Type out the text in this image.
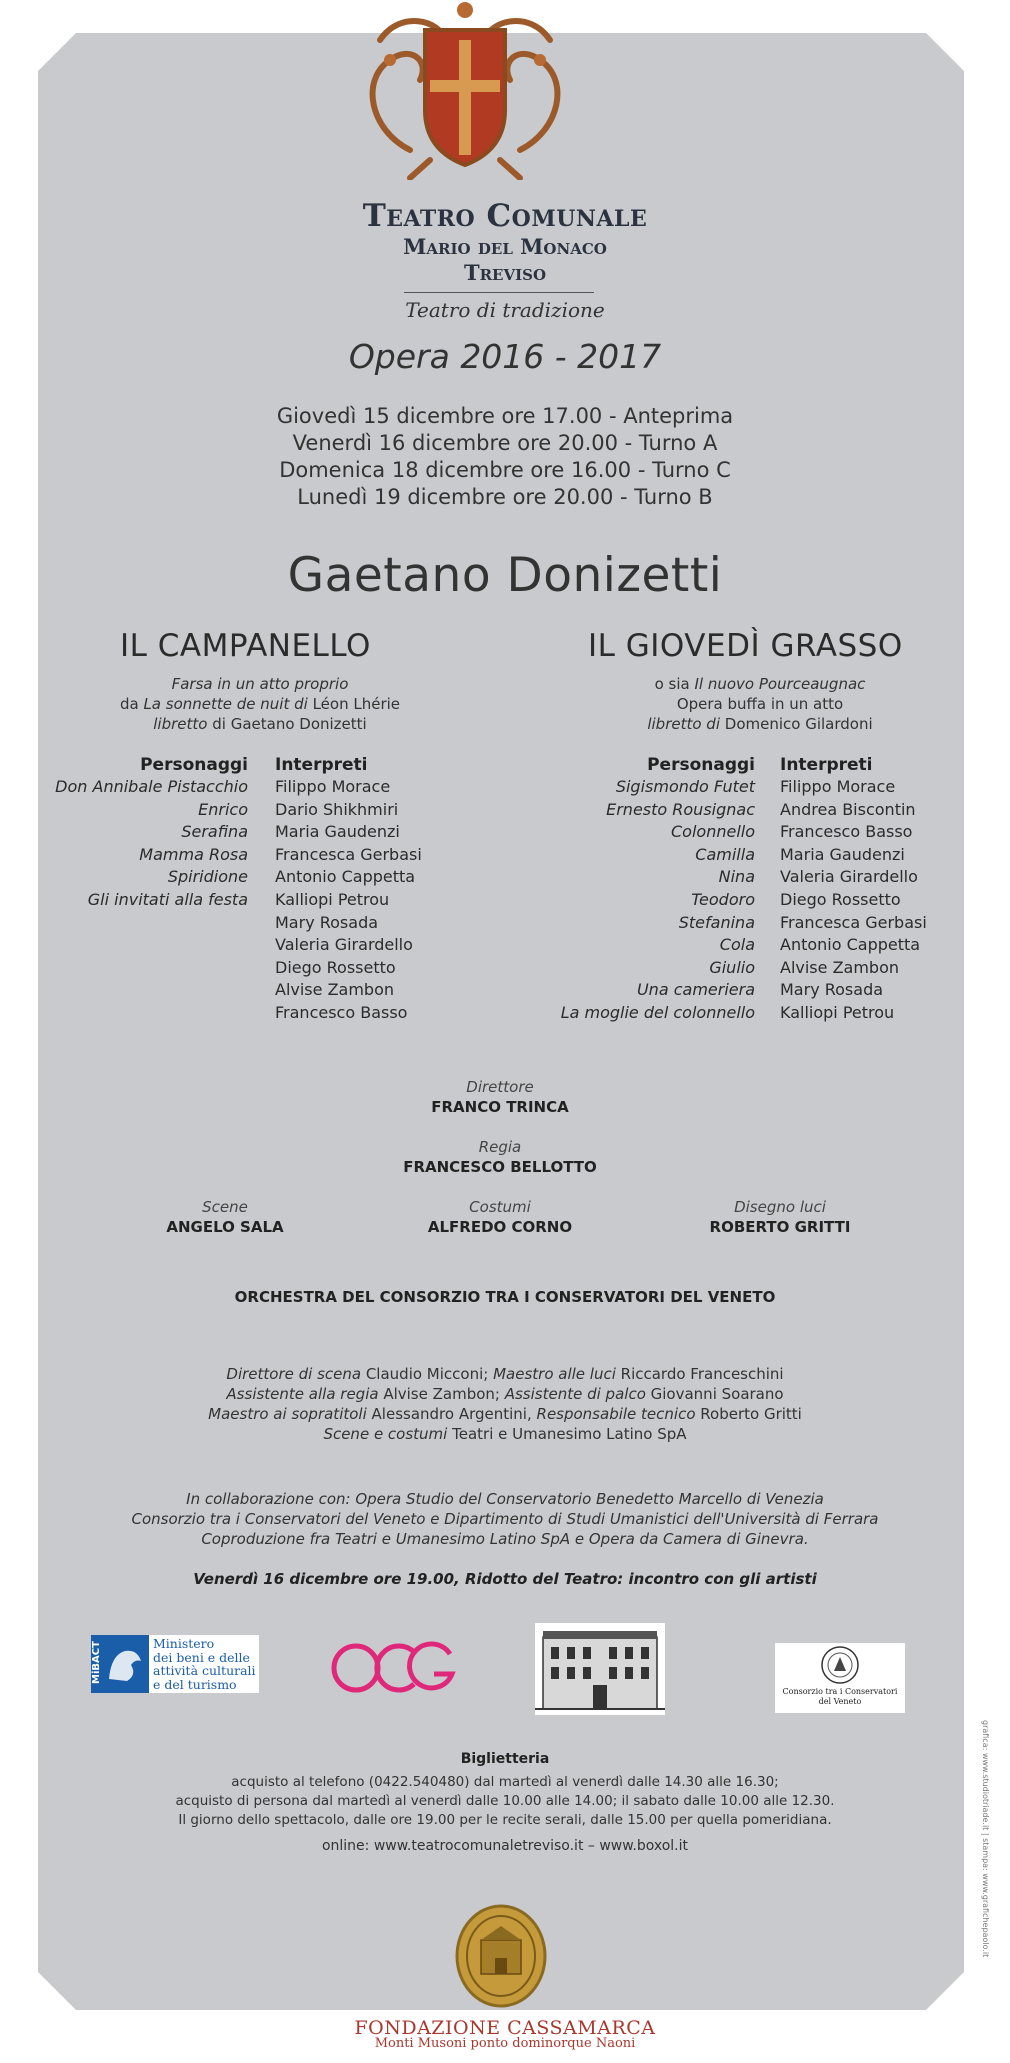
Teatro Comunale
Mario del Monaco
Treviso
Teatro di tradizione
Opera 2016 - 2017
Giovedì 15 dicembre ore 17.00 - Anteprima
Venerdì 16 dicembre ore 20.00 - Turno A
Domenica 18 dicembre ore 16.00 - Turno C
Lunedì 19 dicembre ore 20.00 - Turno B
Gaetano Donizetti
IL CAMPANELLO
Farsa in un atto proprio
da La sonnette de nuit di Léon Lhérie
libretto di Gaetano Donizetti
Personaggi
Don Annibale Pistacchio
Enrico
Serafina
Mamma Rosa
Spiridione
Gli invitati alla festa
Interpreti
Filippo Morace
Dario Shikhmiri
Maria Gaudenzi
Francesca Gerbasi
Antonio Cappetta
Kalliopi Petrou
Mary Rosada
Valeria Girardello
Diego Rossetto
Alvise Zambon
Francesco Basso
IL GIOVEDÌ GRASSO
o sia Il nuovo Pourceaugnac
Opera buffa in un atto
libretto di Domenico Gilardoni
Personaggi
Sigismondo Futet
Ernesto Rousignac
Colonnello
Camilla
Nina
Teodoro
Stefanina
Cola
Giulio
Una cameriera
La moglie del colonnello
Interpreti
Filippo Morace
Andrea Biscontin
Francesco Basso
Maria Gaudenzi
Valeria Girardello
Diego Rossetto
Francesca Gerbasi
Antonio Cappetta
Alvise Zambon
Mary Rosada
Kalliopi Petrou
Direttore
FRANCO TRINCA
Regia
FRANCESCO BELLOTTO
Scene
ANGELO SALA
Costumi
ALFREDO CORNO
Disegno luci
ROBERTO GRITTI
ORCHESTRA DEL CONSORZIO TRA I CONSERVATORI DEL VENETO
Direttore di scena Claudio Micconi; Maestro alle luci Riccardo Franceschini
Assistente alla regia Alvise Zambon; Assistente di palco Giovanni Soarano
Maestro ai sopratitoli Alessandro Argentini, Responsabile tecnico Roberto Gritti
Scene e costumi Teatri e Umanesimo Latino SpA
In collaborazione con: Opera Studio del Conservatorio Benedetto Marcello di Venezia
Consorzio tra i Conservatori del Veneto e Dipartimento di Studi Umanistici dell'Università di Ferrara
Coproduzione fra Teatri e Umanesimo Latino SpA e Opera da Camera di Ginevra.
Venerdì 16 dicembre ore 19.00, Ridotto del Teatro: incontro con gli artisti
MiBACT	Ministero
dei beni e delle
attività culturali
e del turismo	Consorzio tra i Conservatori
del Veneto
Biglietteria
acquisto al telefono (0422.540480) dal martedì al venerdì dalle 14.30 alle 16.30;
acquisto di persona dal martedì al venerdì dalle 10.00 alle 14.00; il sabato dalle 10.00 alle 12.30.
Il giorno dello spettacolo, dalle ore 19.00 per le recite serali, dalle 15.00 per quella pomeridiana.
online: www.teatrocomunaletreviso.it – www.boxol.it
FONDAZIONE CASSAMARCA
Monti Musoni ponto dominorque Naoni
grafica: www.studiotriade.it | stampa: www.grafichepaolo.it
